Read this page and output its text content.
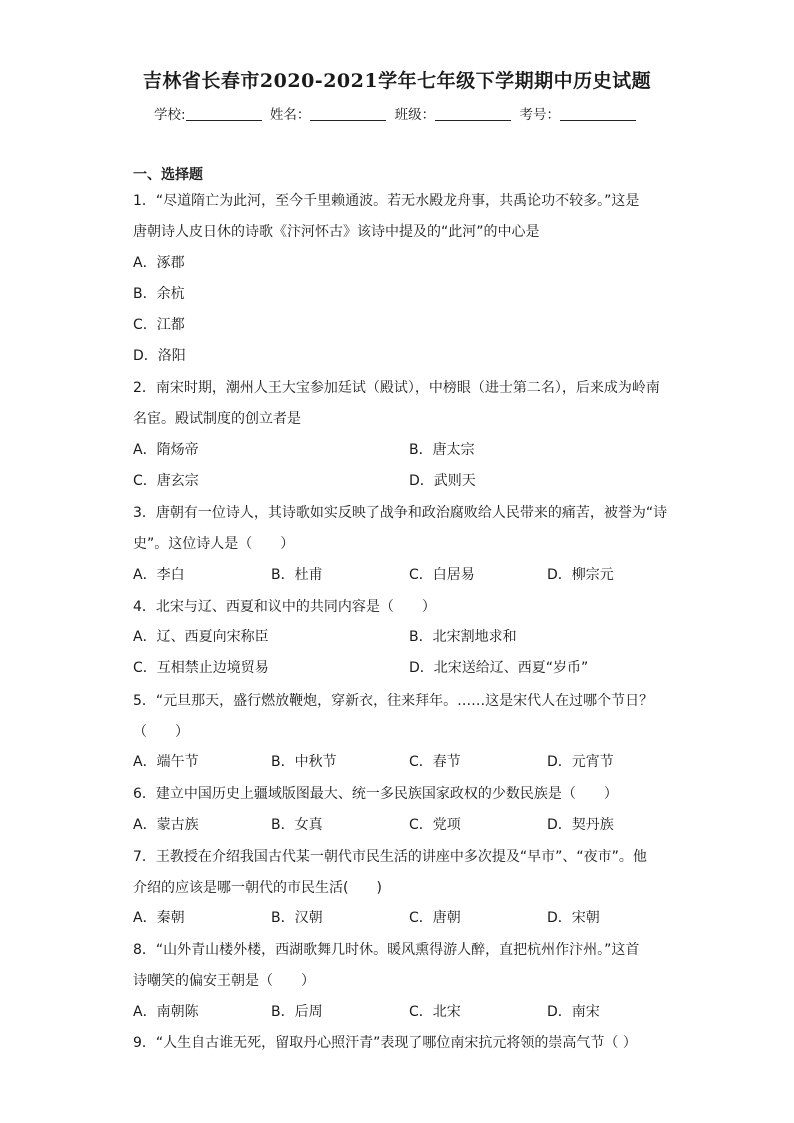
吉林省长春市2020-2021学年七年级下学期期中历史试题
学校:	姓名：	班级：	考号：
一、选择题
1．“尽道隋亡为此河，至今千里赖通波。若无水殿龙舟事，共禹论功不较多。”这是
唐朝诗人皮日休的诗歌《汴河怀古》该诗中提及的“此河”的中心是
A．涿郡
B．余杭
C．江都
D．洛阳
2．南宋时期，潮州人王大宝参加廷试（殿试），中榜眼（进士第二名），后来成为岭南
名宦。殿试制度的创立者是
A．隋炀帝	B．唐太宗
C．唐玄宗	D．武则天
3．唐朝有一位诗人，其诗歌如实反映了战争和政治腐败给人民带来的痛苦，被誉为“诗
史”。这位诗人是（　　）
A．李白	B．杜甫	C．白居易	D．柳宗元
4．北宋与辽、西夏和议中的共同内容是（　　）
A．辽、西夏向宋称臣	B．北宋割地求和
C．互相禁止边境贸易	D．北宋送给辽、西夏“岁币”
5．“元旦那天，盛行燃放鞭炮，穿新衣，往来拜年。……这是宋代人在过哪个节日？
（　　）
A．端午节	B．中秋节	C．春节	D．元宵节
6．建立中国历史上疆域版图最大、统一多民族国家政权的少数民族是（　　）
A．蒙古族	B．女真	C．党项	D．契丹族
7．王教授在介绍我国古代某一朝代市民生活的讲座中多次提及“早市”、“夜市”。他
介绍的应该是哪一朝代的市民生活(　　)
A．秦朝	B．汉朝	C．唐朝	D．宋朝
8．“山外青山楼外楼，西湖歌舞几时休。暖风熏得游人醉，直把杭州作汴州。”这首
诗嘲笑的偏安王朝是（　　）
A．南朝陈	B．后周	C．北宋	D．南宋
9．“人生自古谁无死，留取丹心照汗青”表现了哪位南宋抗元将领的崇高气节（ ）
